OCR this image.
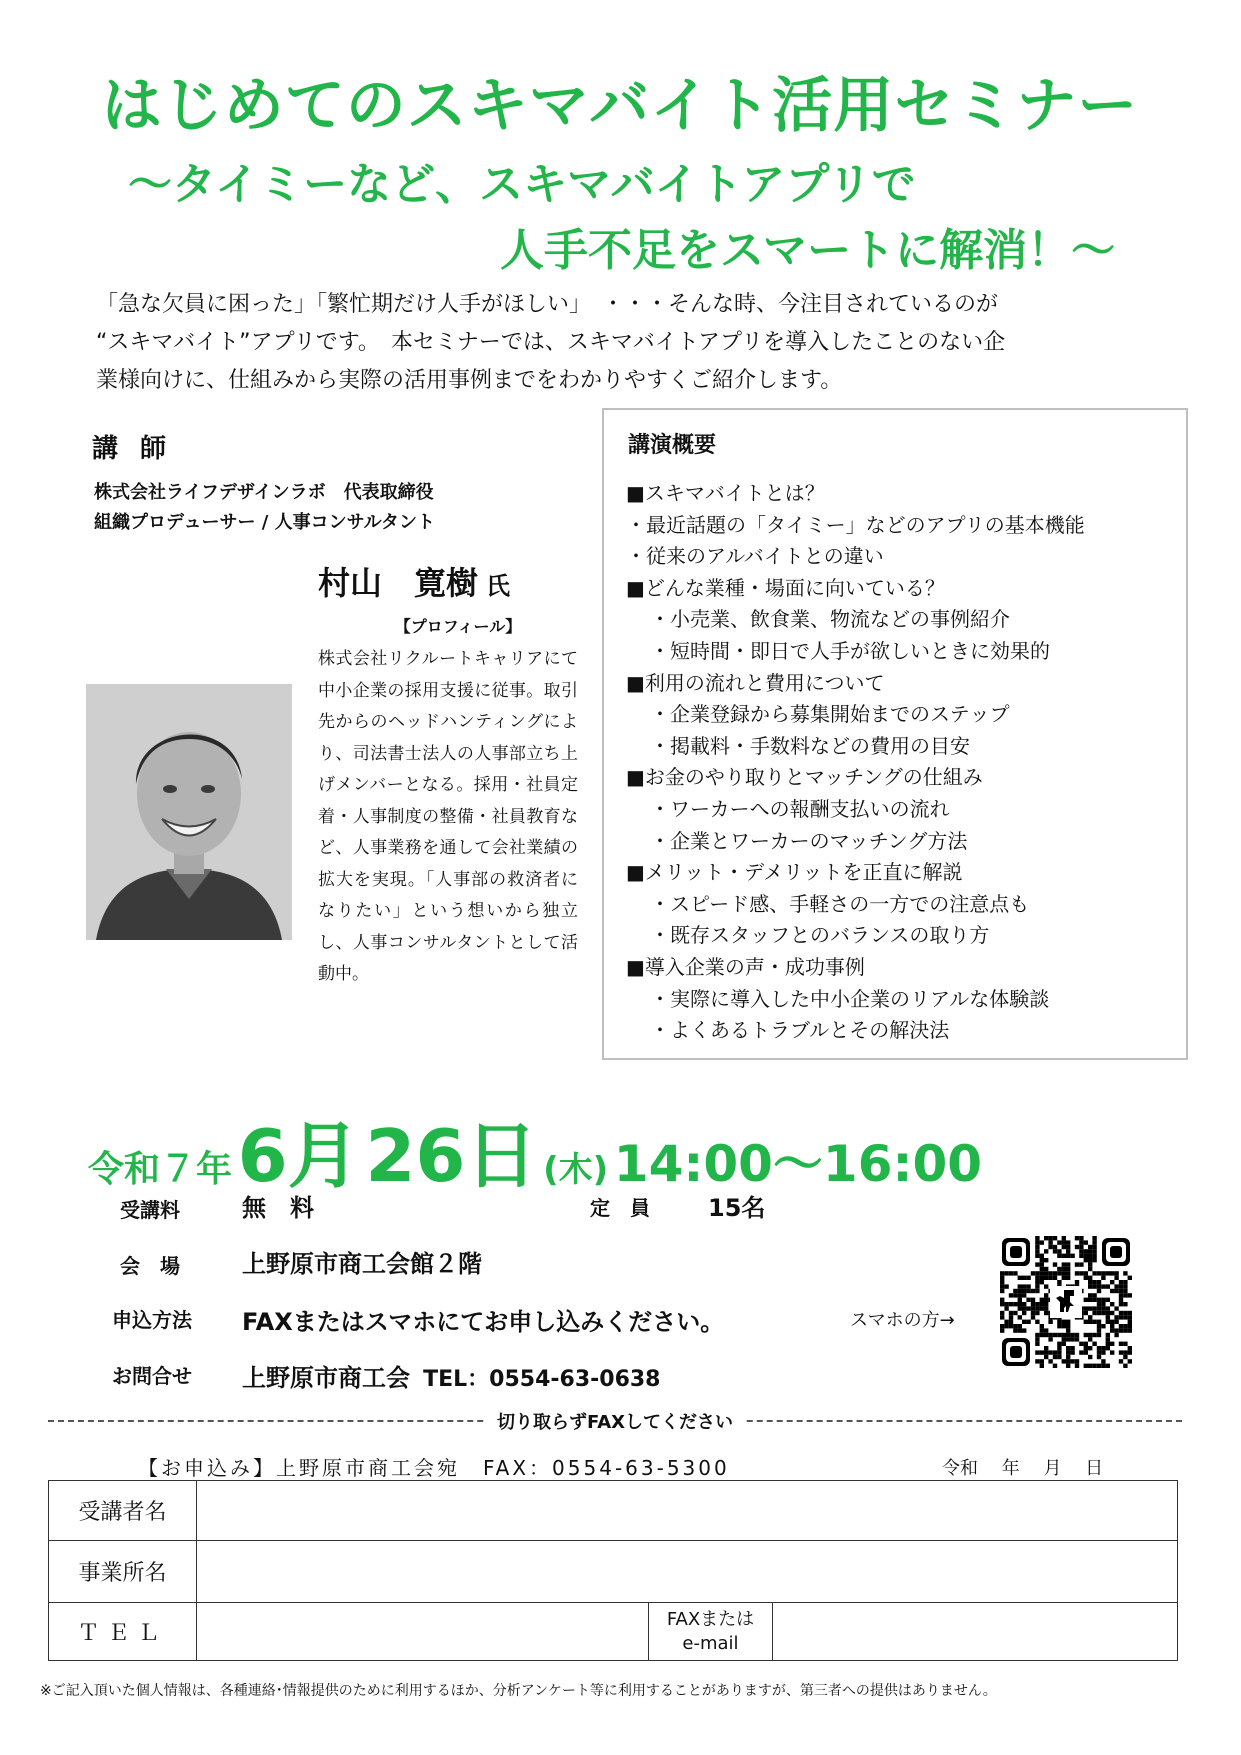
はじめてのスキマバイト活用セミナー
～タイミーなど、スキマバイトアプリで
人手不足をスマートに解消！～

「急な欠員に困った」「繁忙期だけ人手がほしい」　・・・そんな時、今注目されているのが

“スキマバイト”アプリです。　本セミナーでは、スキマバイトアプリを導入したことのない企

業様向けに、仕組みから実際の活用事例までをわかりやすくご紹介します。

講師
株式会社ライフデザインラボ　代表取締役
組織プロデューサー / 人事コンサルタント
村山　寛樹 氏
【プロフィール】
株式会社リクルートキャリアにて中小企業の採用支援に従事。取引先からのヘッドハンティングにより、司法書士法人の人事部立ち上げメンバーとなる。採用・社員定着・人事制度の整備・社員教育など、人事業務を通して会社業績の拡大を実現。「人事部の救済者になりたい」という想いから独立し、人事コンサルタントとして活動中。
講演概要
■スキマバイトとは？
・最近話題の「タイミー」などのアプリの基本機能
・従来のアルバイトとの違い
■どんな業種・場面に向いている？
・小売業、飲食業、物流などの事例紹介
・短時間・即日で人手が欲しいときに効果的
■利用の流れと費用について
・企業登録から募集開始までのステップ
・掲載料・手数料などの費用の目安
■お金のやり取りとマッチングの仕組み
・ワーカーへの報酬支払いの流れ
・企業とワーカーのマッチング方法
■メリット・デメリットを正直に解説
・スピード感、手軽さの一方での注意点も
・既存スタッフとのバランスの取り方
■導入企業の声・成功事例
・実際に導入した中小企業のリアルな体験談
・よくあるトラブルとその解決法
令和７年 6月 26日 (木) 14:00～16:00
受講料	無　料	定　員 15名
会　場	上野原市商工会館２階
申込方法 FAXまたはスマホにてお申し込みください。	スマホの方→
お問合せ 上野原市商工会 TEL：0554-63-0638
切り取らずFAXしてください
【お申込み】上野原市商工会宛　FAX：0554-63-5300	令和　 年　 月　 日
受講者名			
事業所名			
ＴＥＬ		FAXまたは
e-mail	

※ご記入頂いた個人情報は、各種連絡･情報提供のために利用するほか、分析アンケート等に利用することがありますが、第三者への提供はありません。
